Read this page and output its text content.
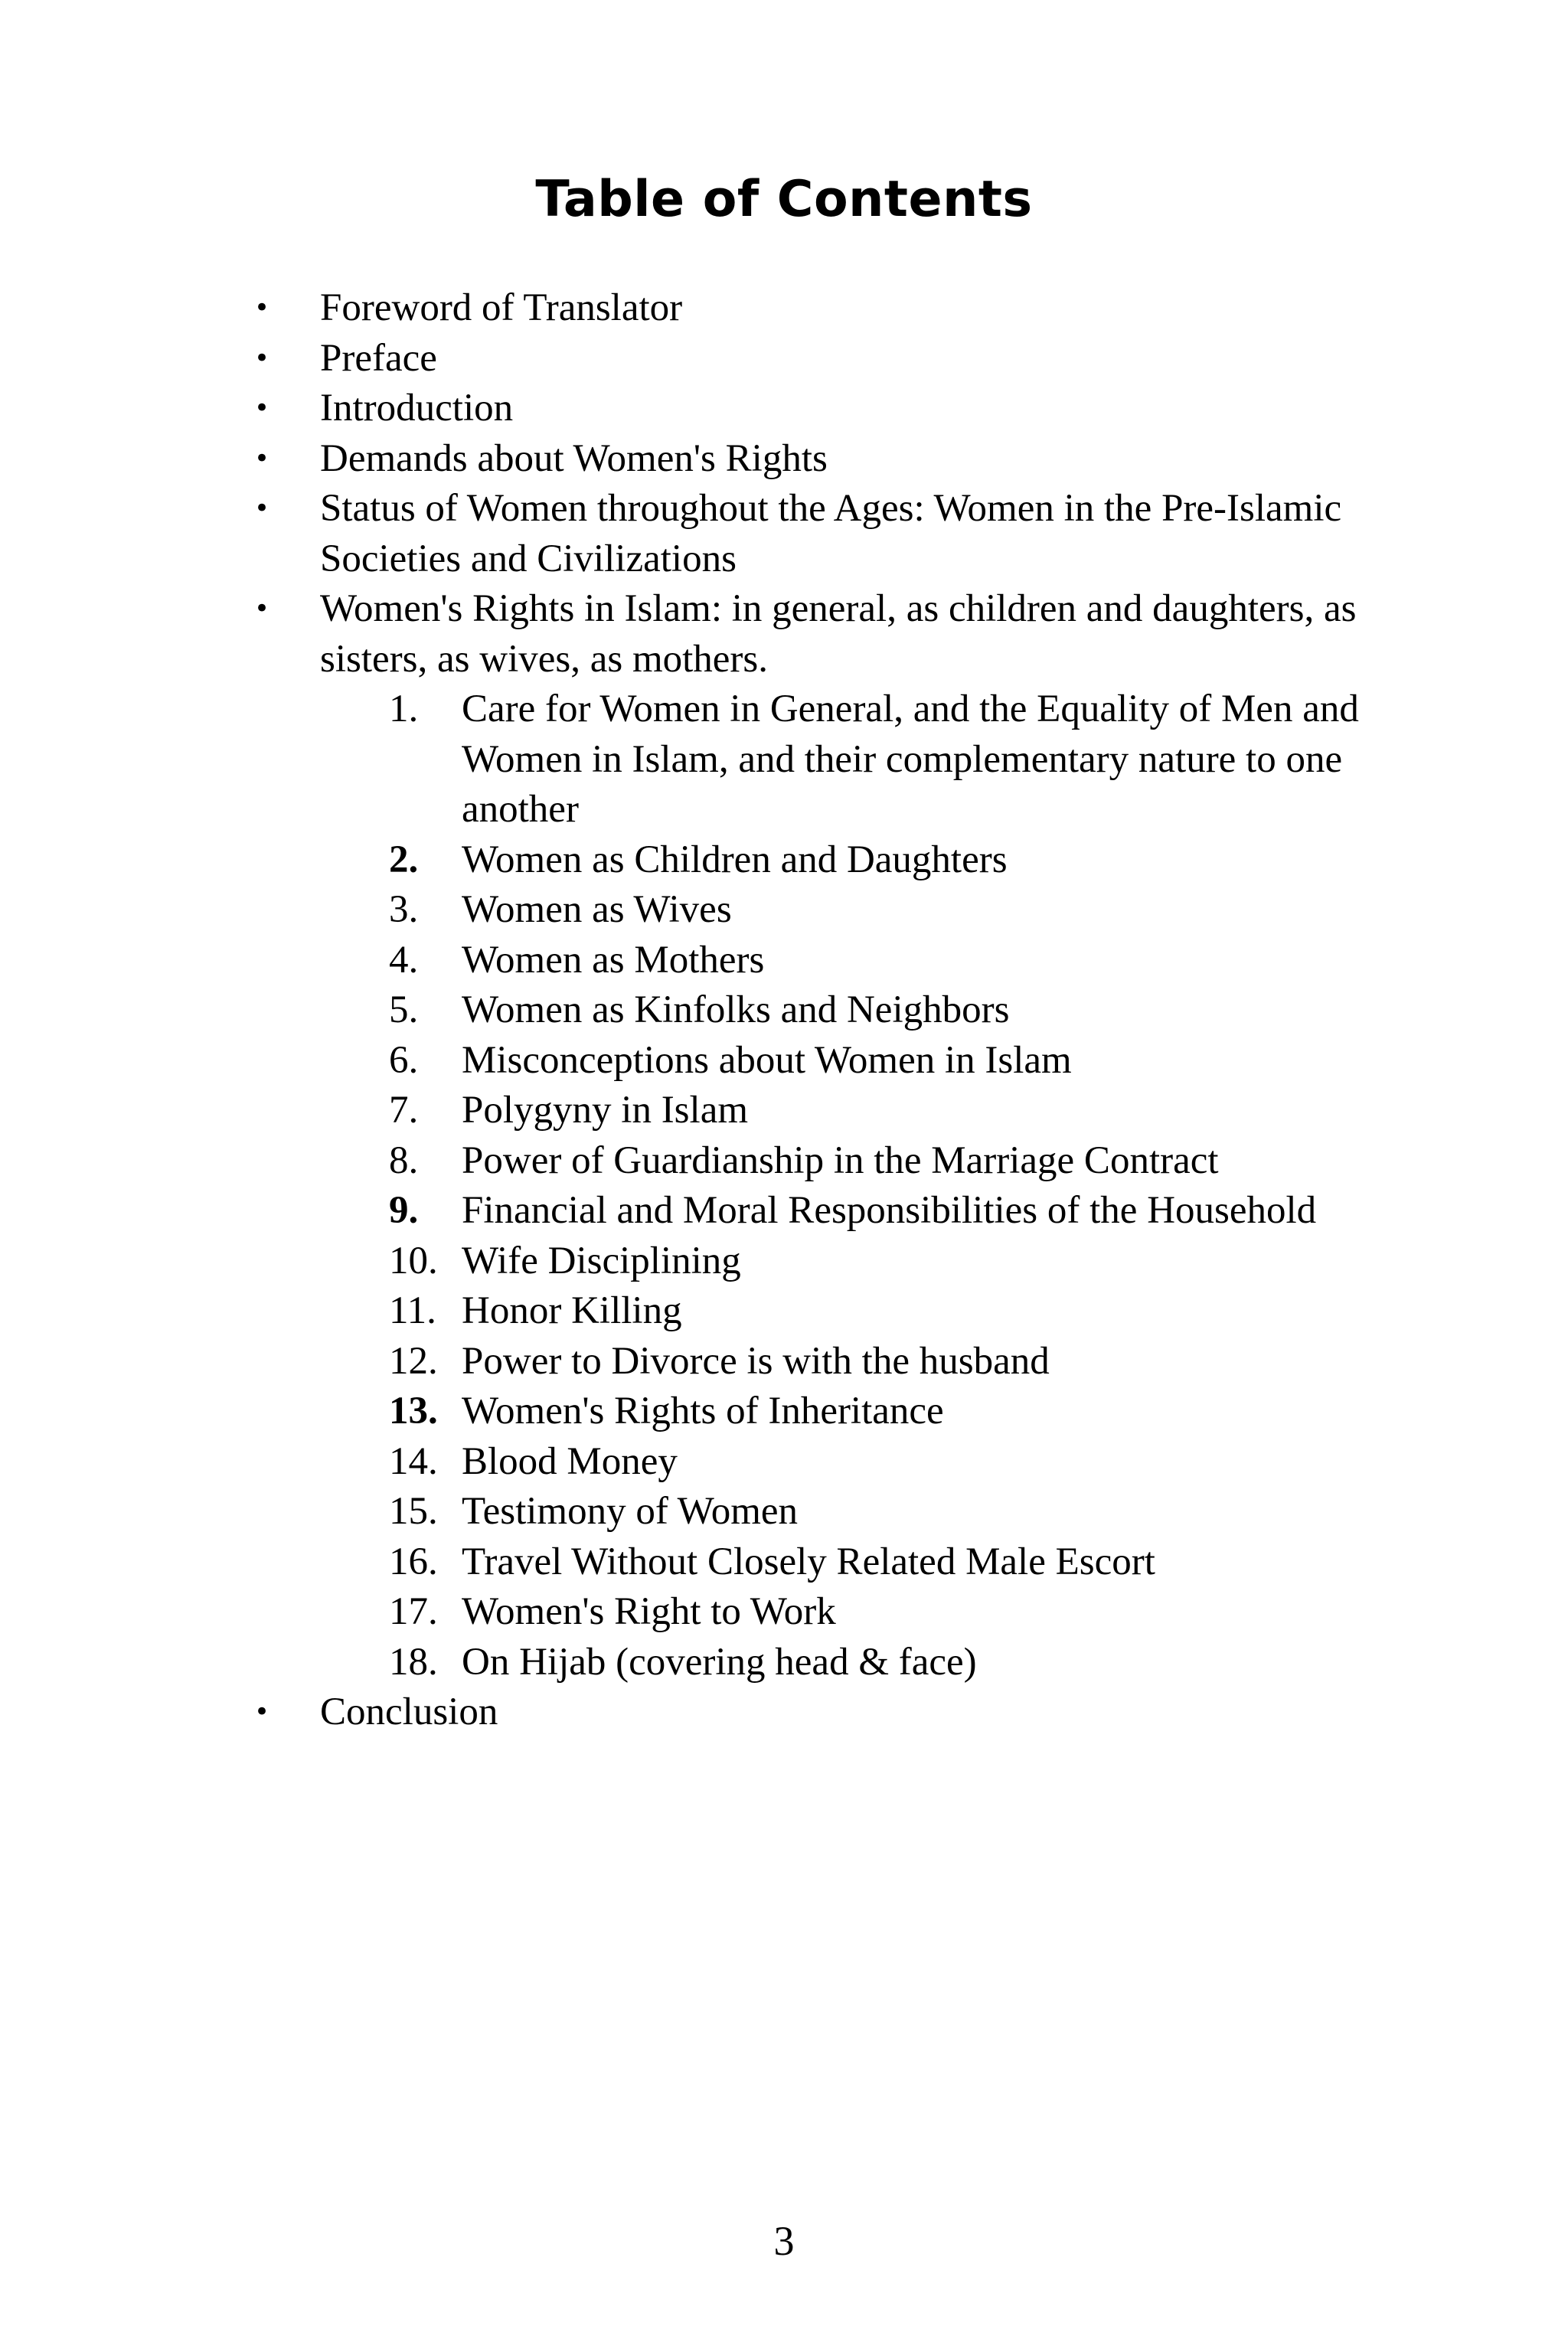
Table of Contents
• Foreword of Translator
• Preface
• Introduction
• Demands about Women's Rights
• Status of Women throughout the Ages: Women in the Pre-Islamic Societies and Civilizations
• Women's Rights in Islam: in general, as children and daughters, as sisters, as wives, as mothers.
1.	Care for Women in General, and the Equality of Men and Women in Islam, and their complementary nature to one another
2.	Women as Children and Daughters
3.	Women as Wives
4.	Women as Mothers
5.	Women as Kinfolks and Neighbors
6.	Misconceptions about Women in Islam
7.	Polygyny in Islam
8.	Power of Guardianship in the Marriage Contract
9.	Financial and Moral Responsibilities of the Household
10. Wife Disciplining
11. Honor Killing
12. Power to Divorce is with the husband
13. Women's Rights of Inheritance
14. Blood Money
15. Testimony of Women
16. Travel Without Closely Related Male Escort
17. Women's Right to Work
18. On Hijab (covering head & face)
• Conclusion
3
